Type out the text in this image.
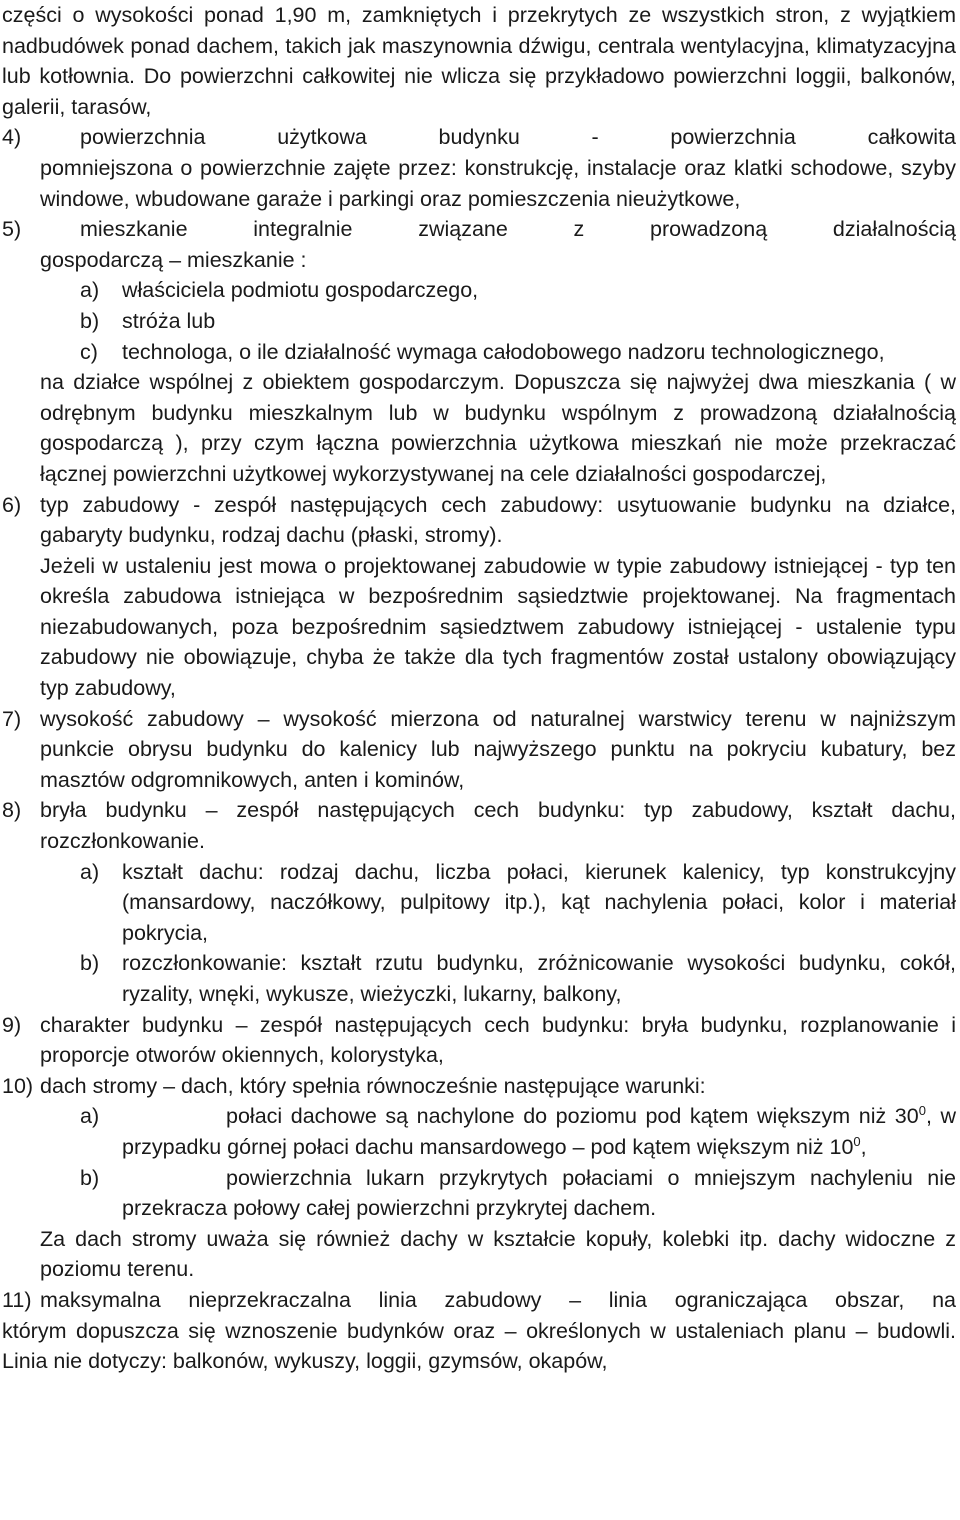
części o wysokości ponad 1,90 m, zamkniętych i przekrytych ze wszystkich stron, z wyjątkiem nadbudówek ponad dachem, takich jak maszynownia dźwigu, centrala wentylacyjna, klimatyzacyjna lub kotłownia. Do powierzchni całkowitej nie wlicza się przykładowo powierzchni loggii, balkonów, galerii, tarasów,

4)	powierzchnia użytkowa budynku - powierzchnia całkowita
pomniejszona o powierzchnie zajęte przez: konstrukcję, instalacje oraz klatki schodowe, szyby windowe, wbudowane garaże i parkingi oraz pomieszczenia nieużytkowe,
5)	mieszkanie integralnie związane z prowadzoną działalnością
gospodarczą – mieszkanie :
a)	właściciela podmiotu gospodarczego,
b)	stróża lub
c)	technologa, o ile działalność wymaga całodobowego nadzoru technologicznego,
na działce wspólnej z obiektem gospodarczym. Dopuszcza się najwyżej dwa mieszkania ( w odrębnym budynku mieszkalnym lub w budynku wspólnym z prowadzoną działalnością gospodarczą ), przy czym łączna powierzchnia użytkowa mieszkań nie może przekraczać łącznej powierzchni użytkowej wykorzystywanej na cele działalności gospodarczej,
6) typ zabudowy - zespół następujących cech zabudowy: usytuowanie budynku na działce, gabaryty budynku, rodzaj dachu (płaski, stromy).
Jeżeli w ustaleniu jest mowa o projektowanej zabudowie w typie zabudowy istniejącej - typ ten określa zabudowa istniejąca w bezpośrednim sąsiedztwie projektowanej. Na fragmentach niezabudowanych, poza bezpośrednim sąsiedztwem zabudowy istniejącej - ustalenie typu zabudowy nie obowiązuje, chyba że także dla tych fragmentów został ustalony obowiązujący typ zabudowy,
7) wysokość zabudowy – wysokość mierzona od naturalnej warstwicy terenu w najniższym punkcie obrysu budynku do kalenicy lub najwyższego punktu na pokryciu kubatury, bez masztów odgromnikowych, anten i kominów,
8) bryła budynku – zespół następujących cech budynku: typ zabudowy, kształt dachu, rozczłonkowanie.
a)	kształt dachu: rodzaj dachu, liczba połaci, kierunek kalenicy, typ konstrukcyjny (mansardowy, naczółkowy, pulpitowy itp.), kąt nachylenia połaci, kolor i materiał pokrycia,
b)	rozczłonkowanie: kształt rzutu budynku, zróżnicowanie wysokości budynku, cokół, ryzality, wnęki, wykusze, wieżyczki, lukarny, balkony,
9) charakter budynku – zespół następujących cech budynku: bryła budynku, rozplanowanie i proporcje otworów okiennych, kolorystyka,
10) dach stromy – dach, który spełnia równocześnie następujące warunki:
a)	połaci dachowe są nachylone do poziomu pod kątem większym niż $30^0$, w przypadku górnej połaci dachu mansardowego – pod kątem większym niż $10^0$,
b)	powierzchnia lukarn przykrytych połaciami o mniejszym nachyleniu nie przekracza połowy całej powierzchni przykrytej dachem.
Za dach stromy uważa się również dachy w kształcie kopuły, kolebki itp. dachy widoczne z poziomu terenu.
11) maksymalna nieprzekraczalna linia zabudowy – linia ograniczająca obszar, na
którym dopuszcza się wznoszenie budynków oraz – określonych w ustaleniach planu – budowli. Linia nie dotyczy: balkonów, wykuszy, loggii, gzymsów, okapów,
